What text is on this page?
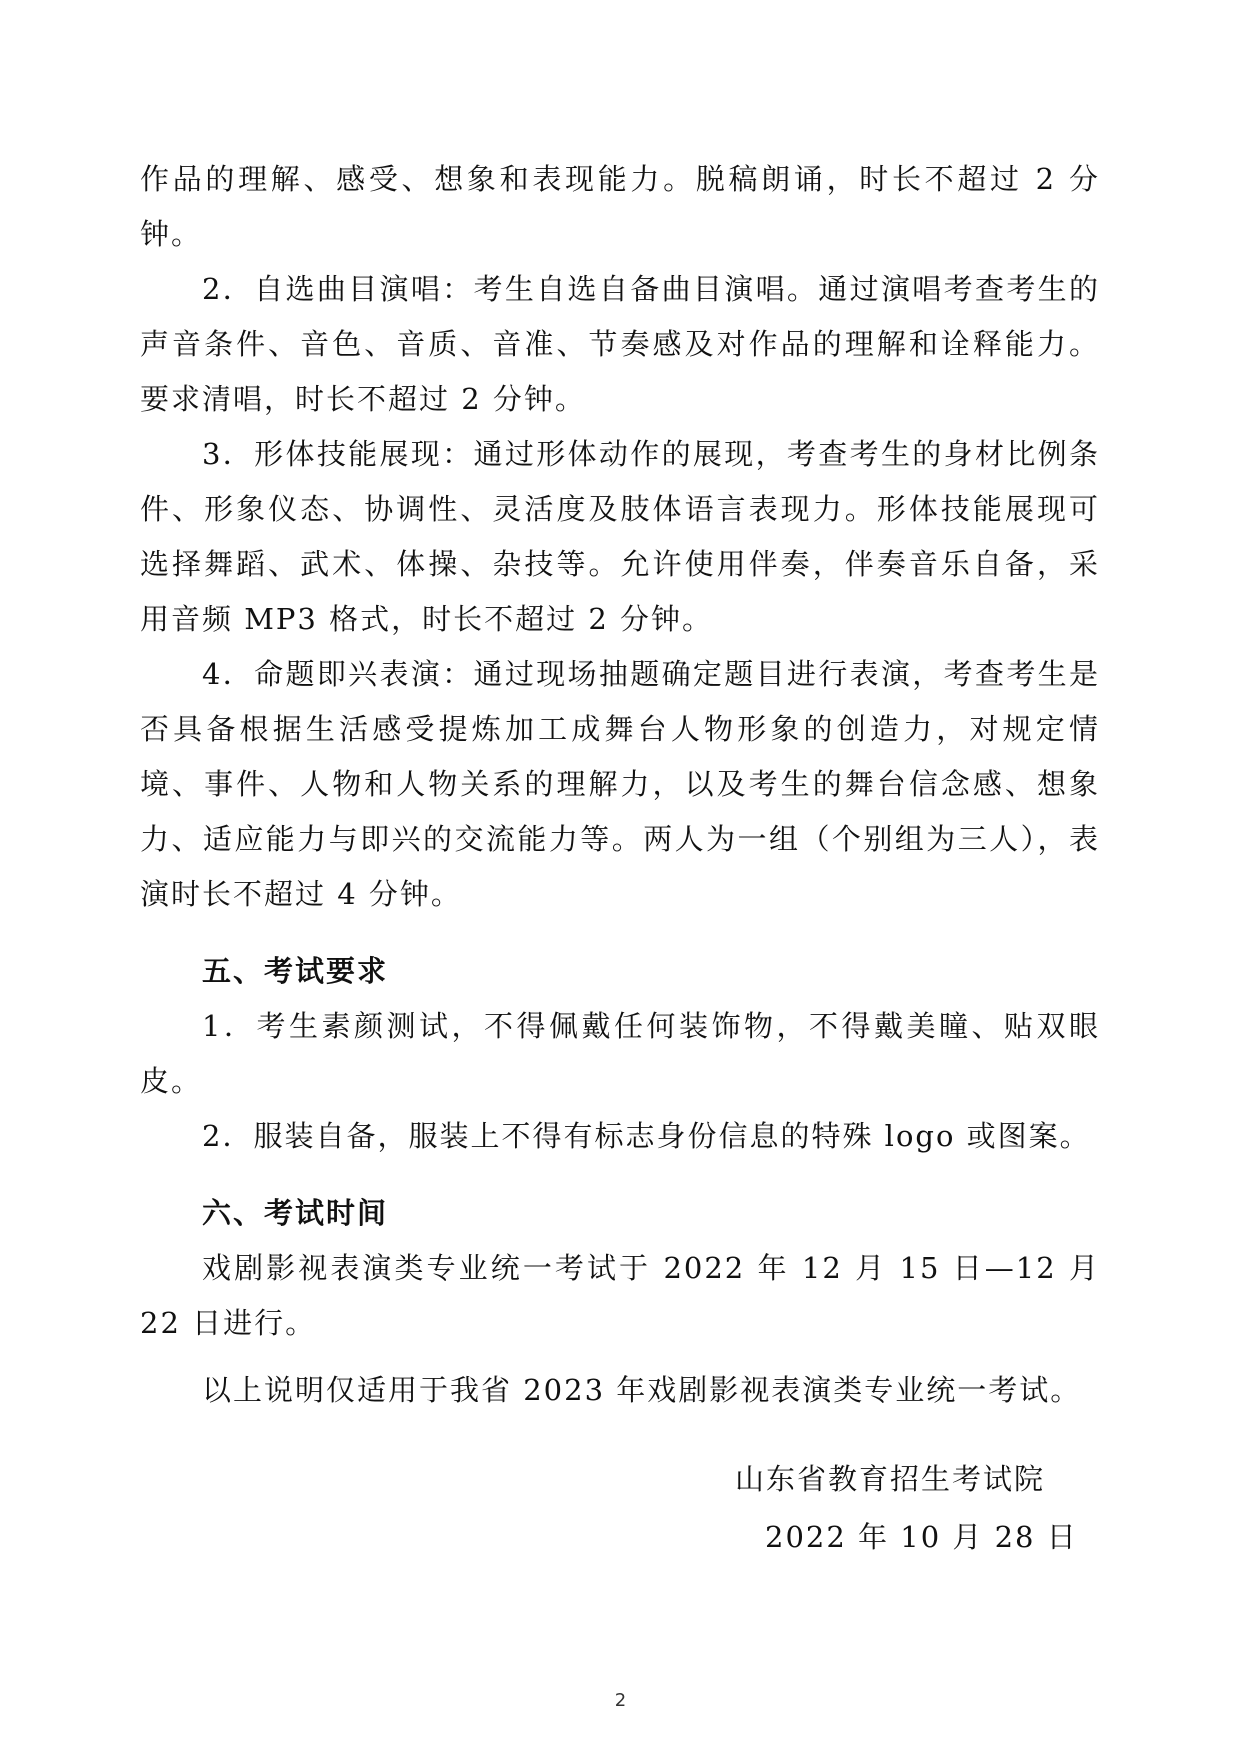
作品的理解、感受、想象和表现能力。脱稿朗诵，时长不超过 2 分钟。

2．自选曲目演唱：考生自选自备曲目演唱。通过演唱考查考生的声音条件、音色、音质、音准、节奏感及对作品的理解和诠释能力。要求清唱，时长不超过 2 分钟。

3．形体技能展现：通过形体动作的展现，考查考生的身材比例条件、形象仪态、协调性、灵活度及肢体语言表现力。形体技能展现可选择舞蹈、武术、体操、杂技等。允许使用伴奏，伴奏音乐自备，采用音频 MP3 格式，时长不超过 2 分钟。

4．命题即兴表演：通过现场抽题确定题目进行表演，考查考生是否具备根据生活感受提炼加工成舞台人物形象的创造力，对规定情境、事件、人物和人物关系的理解力，以及考生的舞台信念感、想象力、适应能力与即兴的交流能力等。两人为一组（个别组为三人），表演时长不超过 4 分钟。

五、考试要求

1．考生素颜测试，不得佩戴任何装饰物，不得戴美瞳、贴双眼皮。

2．服装自备，服装上不得有标志身份信息的特殊 logo 或图案。

六、考试时间

戏剧影视表演类专业统一考试于 2022 年 12 月 15 日—12 月 22 日进行。

以上说明仅适用于我省 2023 年戏剧影视表演类专业统一考试。

山东省教育招生考试院
2022 年 10 月 28 日
2
